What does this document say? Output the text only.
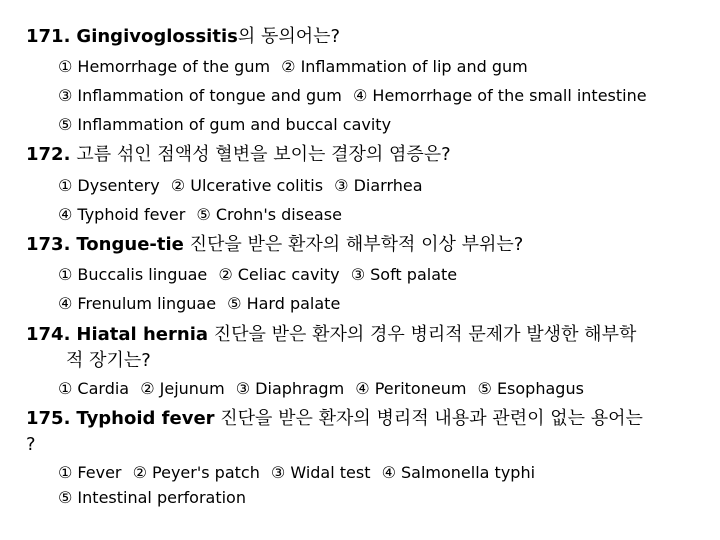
171. Gingivoglossitis의 동의어는?
① Hemorrhage of the gum ② Inflammation of lip and gum
③ Inflammation of tongue and gum ④ Hemorrhage of the small intestine
⑤ Inflammation of gum and buccal cavity
172. 고름 섞인 점액성 혈변을 보이는 결장의 염증은?
① Dysentery ② Ulcerative colitis ③ Diarrhea
④ Typhoid fever ⑤ Crohn's disease
173. Tongue-tie 진단을 받은 환자의 해부학적 이상 부위는?
① Buccalis linguae ② Celiac cavity ③ Soft palate
④ Frenulum linguae ⑤ Hard palate
174. Hiatal hernia 진단을 받은 환자의 경우 병리적 문제가 발생한 해부학
적 장기는?
① Cardia ② Jejunum ③ Diaphragm ④ Peritoneum ⑤ Esophagus
175. Typhoid fever 진단을 받은 환자의 병리적 내용과 관련이 없는 용어는
?
① Fever ② Peyer's patch ③ Widal test ④ Salmonella typhi
⑤ Intestinal perforation
